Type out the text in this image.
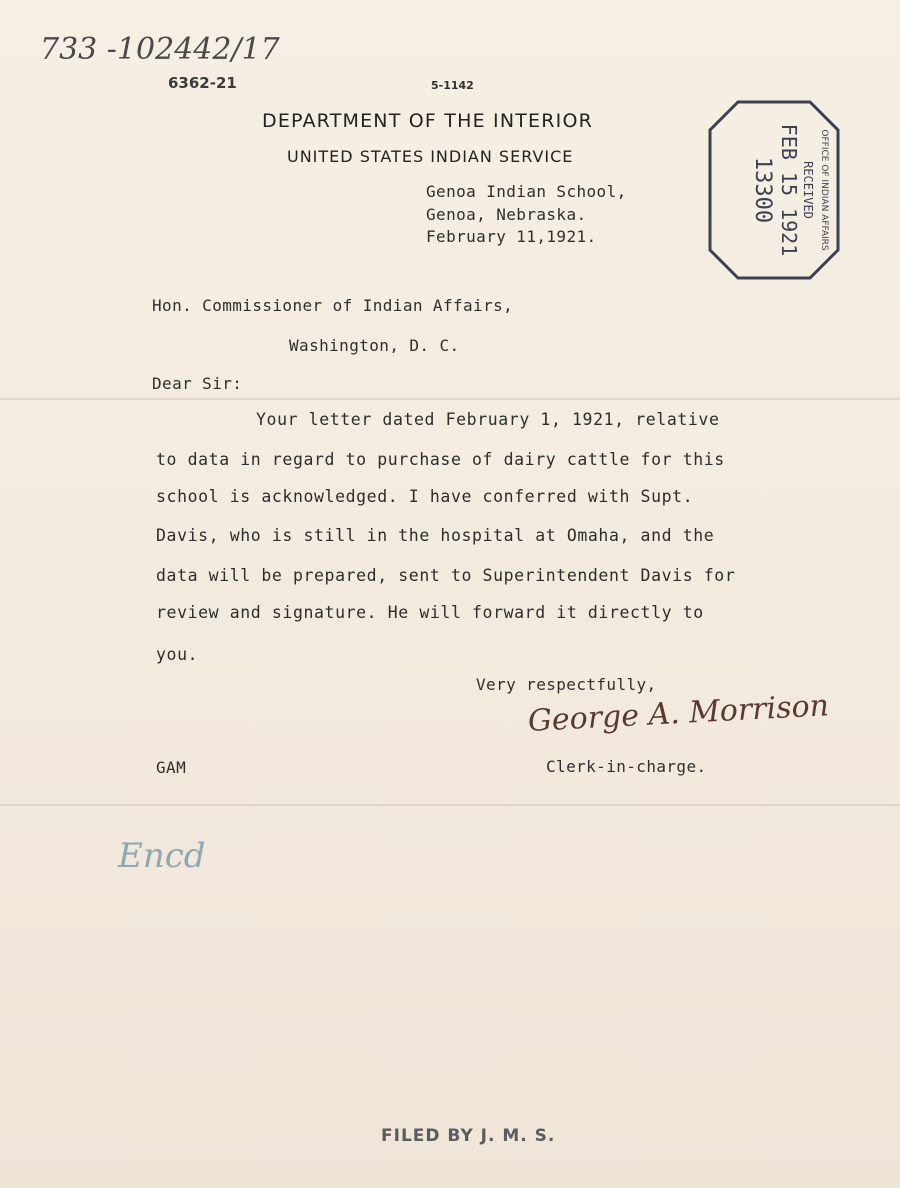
733 -102442/17
6362-21	5-1142
DEPARTMENT OF THE INTERIOR
UNITED STATES INDIAN SERVICE
Genoa Indian School,
Genoa, Nebraska.
February 11,1921.	OFFICE OF INDIAN AFFAIRS
RECEIVED
FEB 15 1921
13300
Hon. Commissioner of Indian Affairs,
Washington, D. C.
Dear Sir:
Your letter dated February 1, 1921, relative
to data in regard to purchase of dairy cattle for this
school is acknowledged. I have conferred with Supt.
Davis, who is still in the hospital at Omaha, and the
data will be prepared, sent to Superintendent Davis for
review and signature. He will forward it directly to
you.
Very respectfully,
George A. Morrison
GAM	Clerk-in-charge.
Encd
FILED BY J. M. S.
